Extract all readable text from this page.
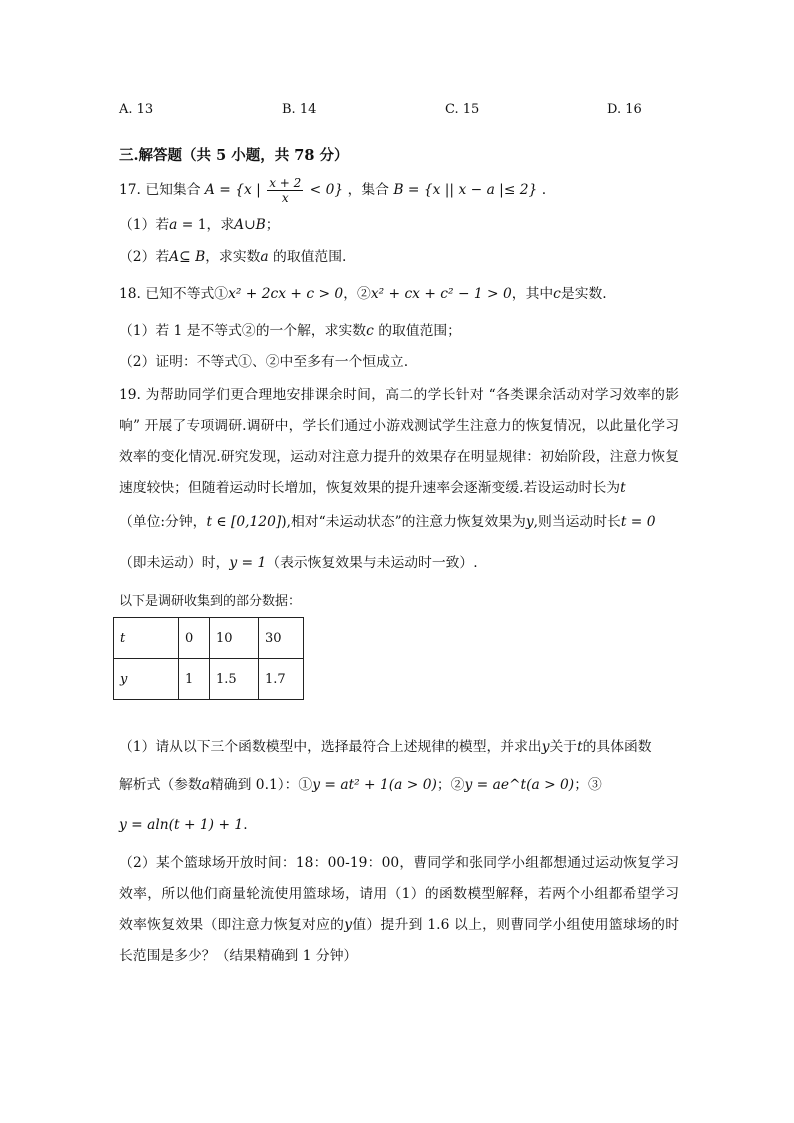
A. 13	B. 14	C. 15	D. 16
三.解答题（共 5 小题，共 78 分）
17. 已知集合 A = {x | $\frac{x + 2}{x} < 0$} ，集合 B = {x || x − a |≤ 2} .
（1）若a = 1，求A∪B；
（2）若A⊆ B，求实数a 的取值范围.
18. 已知不等式①x² + 2cx + c > 0，②x² + cx + c² − 1 > 0，其中c是实数.
（1）若 1 是不等式②的一个解，求实数c 的取值范围；
（2）证明：不等式①、②中至多有一个恒成立.
19. 为帮助同学们更合理地安排课余时间，高二的学长针对 “各类课余活动对学习效率的影响” 开展了专项调研.调研中，学长们通过小游戏测试学生注意力的恢复情况，以此量化学习效率的变化情况.研究发现，运动对注意力提升的效果存在明显规律：初始阶段，注意力恢复速度较快；但随着运动时长增加，恢复效果的提升速率会逐渐变缓.若设运动时长为t
（单位:分钟，t ∈ [0,120]),相对“未运动状态”的注意力恢复效果为y,则当运动时长t = 0
（即未运动）时，y = 1（表示恢复效果与未运动时一致）.
以下是调研收集到的部分数据：
t	0	10	30
y	1	1.5	1.7
（1）请从以下三个函数模型中，选择最符合上述规律的模型，并求出y关于t的具体函数
解析式（参数a精确到 0.1）：①y = at² + 1(a > 0)；②y = ae^t(a > 0)；③
y = aln(t + 1) + 1.
（2）某个篮球场开放时间：18：00-19：00，曹同学和张同学小组都想通过运动恢复学习效率，所以他们商量轮流使用篮球场，请用（1）的函数模型解释，若两个小组都希望学习效率恢复效果（即注意力恢复对应的y值）提升到 1.6 以上，则曹同学小组使用篮球场的时长范围是多少？（结果精确到 1 分钟）
